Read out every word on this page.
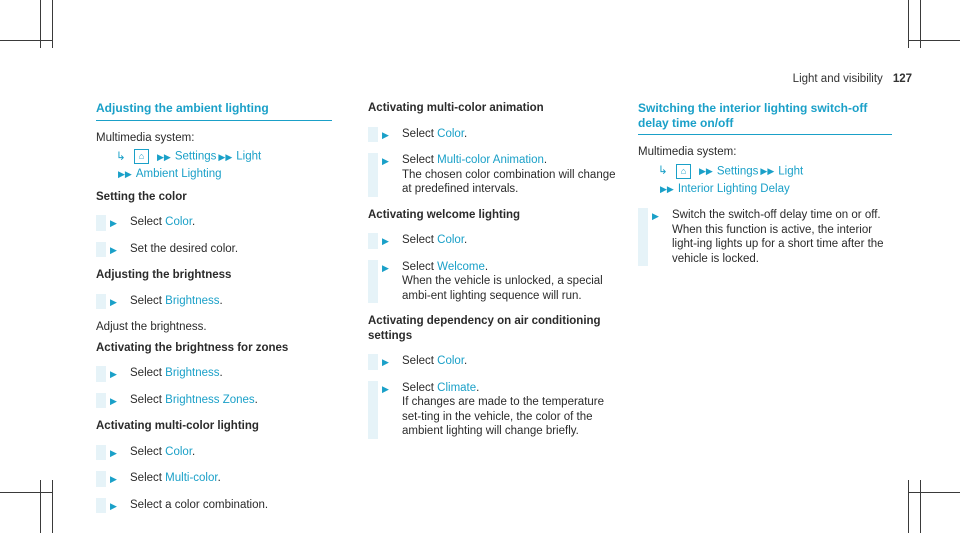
Light and visibility 127
Adjusting the ambient lighting
Multimedia system:
↳ ⌂ ▶▶ Settings ▶▶ Light
▶▶ Ambient Lighting
Setting the color
▶	Select Color.
▶	Set the desired color.
Adjusting the brightness
▶	Select Brightness.
Adjust the brightness.
Activating the brightness for zones
▶	Select Brightness.
▶	Select Brightness Zones.
Activating multi-color lighting
▶	Select Color.
▶	Select Multi-color.
▶	Select a color combination.
Activating multi-color animation
▶	Select Color.
▶	Select Multi-color Animation.
The chosen color combination will change at predefined intervals.
Activating welcome lighting
▶	Select Color.
▶	Select Welcome.
When the vehicle is unlocked, a special ambi-ent lighting sequence will run.
Activating dependency on air conditioning settings
▶	Select Color.
▶	Select Climate.
If changes are made to the temperature set-ting in the vehicle, the color of the ambient lighting will change briefly.
Switching the interior lighting switch-off delay time on/off
Multimedia system:
↳ ⌂ ▶▶ Settings ▶▶ Light
▶▶ Interior Lighting Delay
▶	Switch the switch-off delay time on or off. When this function is active, the interior light-ing lights up for a short time after the vehicle is locked.
